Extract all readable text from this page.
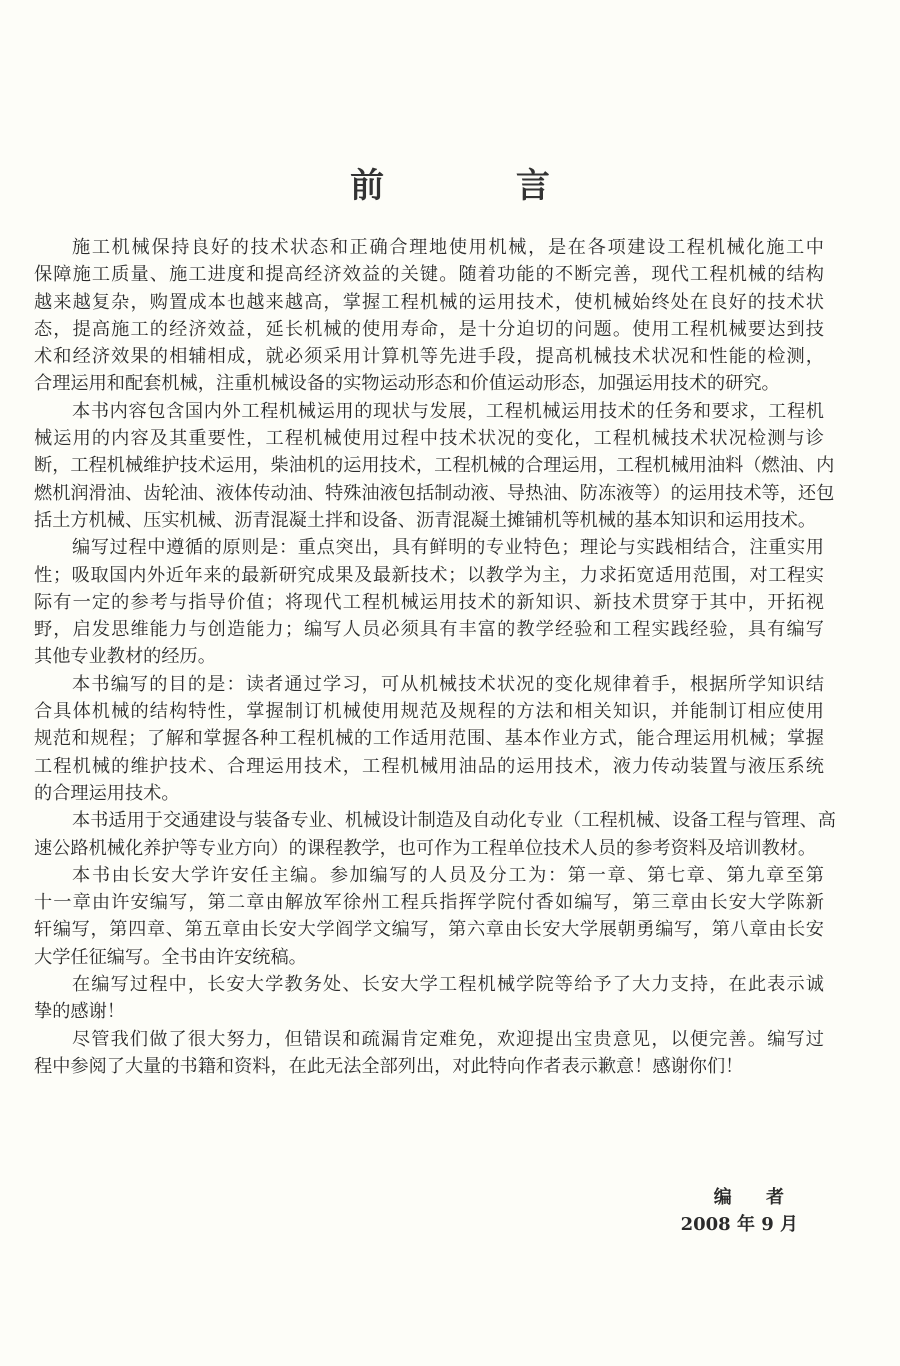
前 言
施工机械保持良好的技术状态和正确合理地使用机械，是在各项建设工程机械化施工中
保障施工质量、施工进度和提高经济效益的关键。随着功能的不断完善，现代工程机械的结构
越来越复杂，购置成本也越来越高，掌握工程机械的运用技术，使机械始终处在良好的技术状
态，提高施工的经济效益，延长机械的使用寿命，是十分迫切的问题。使用工程机械要达到技
术和经济效果的相辅相成，就必须采用计算机等先进手段，提高机械技术状况和性能的检测，
合理运用和配套机械，注重机械设备的实物运动形态和价值运动形态，加强运用技术的研究。
本书内容包含国内外工程机械运用的现状与发展，工程机械运用技术的任务和要求，工程机
械运用的内容及其重要性，工程机械使用过程中技术状况的变化，工程机械技术状况检测与诊
断，工程机械维护技术运用，柴油机的运用技术，工程机械的合理运用，工程机械用油料（燃油、内
燃机润滑油、齿轮油、液体传动油、特殊油液包括制动液、导热油、防冻液等）的运用技术等，还包
括土方机械、压实机械、沥青混凝土拌和设备、沥青混凝土摊铺机等机械的基本知识和运用技术。
编写过程中遵循的原则是：重点突出，具有鲜明的专业特色；理论与实践相结合，注重实用
性；吸取国内外近年来的最新研究成果及最新技术；以教学为主，力求拓宽适用范围，对工程实
际有一定的参考与指导价值；将现代工程机械运用技术的新知识、新技术贯穿于其中，开拓视
野，启发思维能力与创造能力；编写人员必须具有丰富的教学经验和工程实践经验，具有编写
其他专业教材的经历。
本书编写的目的是：读者通过学习，可从机械技术状况的变化规律着手，根据所学知识结
合具体机械的结构特性，掌握制订机械使用规范及规程的方法和相关知识，并能制订相应使用
规范和规程；了解和掌握各种工程机械的工作适用范围、基本作业方式，能合理运用机械；掌握
工程机械的维护技术、合理运用技术，工程机械用油品的运用技术，液力传动装置与液压系统
的合理运用技术。
本书适用于交通建设与装备专业、机械设计制造及自动化专业（工程机械、设备工程与管理、高
速公路机械化养护等专业方向）的课程教学，也可作为工程单位技术人员的参考资料及培训教材。
本书由长安大学许安任主编。参加编写的人员及分工为：第一章、第七章、第九章至第
十一章由许安编写，第二章由解放军徐州工程兵指挥学院付香如编写，第三章由长安大学陈新
轩编写，第四章、第五章由长安大学阎学文编写，第六章由长安大学展朝勇编写，第八章由长安
大学任征编写。全书由许安统稿。
在编写过程中，长安大学教务处、长安大学工程机械学院等给予了大力支持，在此表示诚
挚的感谢！
尽管我们做了很大努力，但错误和疏漏肯定难免，欢迎提出宝贵意见，以便完善。编写过
程中参阅了大量的书籍和资料，在此无法全部列出，对此特向作者表示歉意！感谢你们！
编 者
2008 年 9 月
